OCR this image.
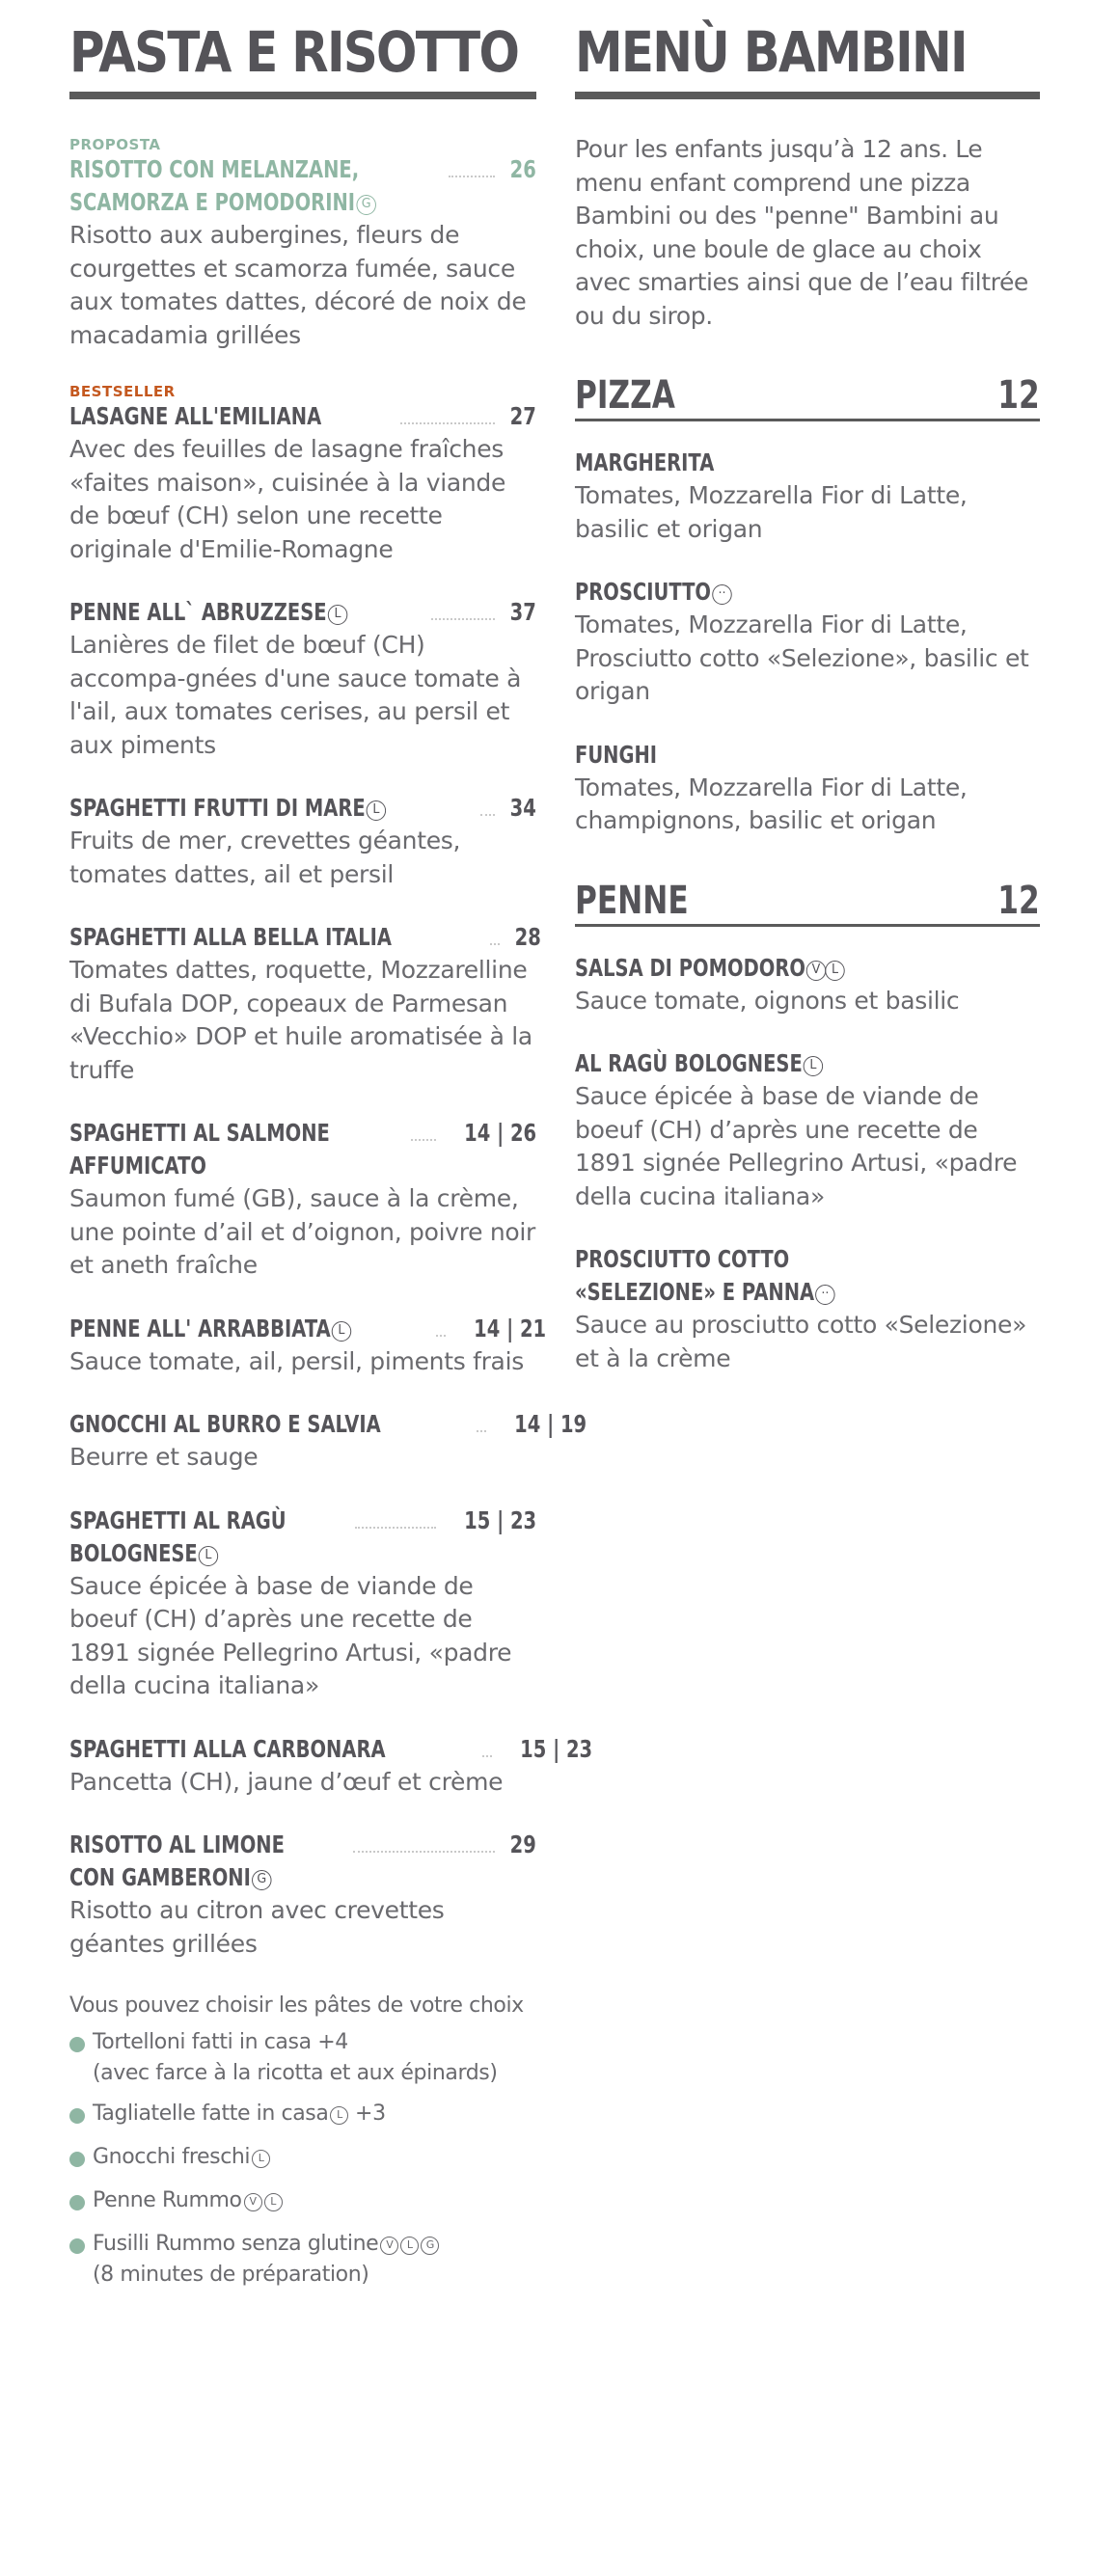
PASTA E RISOTTO
PROPOSTA
RISOTTO CON MELANZANE,	26
SCAMORZA E POMODORINI G
Risotto aux aubergines, fleurs de courgettes et scamorza fumée, sauce aux tomates dattes, décoré de noix de macadamia grillées
BESTSELLER
LASAGNE ALL'EMILIANA	27
Avec des feuilles de lasagne fraîches «faites maison», cuisinée à la viande de bœuf (CH) selon une recette originale d'Emilie-Romagne
PENNE ALL` ABRUZZESE L	37
Lanières de filet de bœuf (CH) accompa-gnées d'une sauce tomate à l'ail, aux tomates cerises, au persil et aux piments
SPAGHETTI FRUTTI DI MARE L	34
Fruits de mer, crevettes géantes, tomates dattes, ail et persil
SPAGHETTI ALLA BELLA ITALIA	28
Tomates dattes, roquette, Mozzarelline di Bufala DOP, copeaux de Parmesan «Vecchio» DOP et huile aromatisée à la truffe
SPAGHETTI AL SALMONE	14 | 26
AFFUMICATO
Saumon fumé (GB), sauce à la crème, une pointe d’ail et d’oignon, poivre noir et aneth fraîche
PENNE ALL' ARRABBIATA L	14 | 21
Sauce tomate, ail, persil, piments frais
GNOCCHI AL BURRO E SALVIA	14 | 19
Beurre et sauge
SPAGHETTI AL RAGÙ	15 | 23
BOLOGNESE L
Sauce épicée à base de viande de boeuf (CH) d’après une recette de 1891 signée Pellegrino Artusi, «padre della cucina italiana»
SPAGHETTI ALLA CARBONARA	15 | 23
Pancetta (CH), jaune d’œuf et crème
RISOTTO AL LIMONE	29
CON GAMBERONI G
Risotto au citron avec crevettes géantes grillées
Vous pouvez choisir les pâtes de votre choix
Tortelloni fatti in casa +4
(avec farce à la ricotta et aux épinards)
Tagliatelle fatte in casa L +3
Gnocchi freschi L
Penne Rummo V L
Fusilli Rummo senza glutine V L G
(8 minutes de préparation)
MENÙ BAMBINI
Pour les enfants jusqu’à 12 ans. Le menu enfant comprend une pizza Bambini ou des "penne" Bambini au choix, une boule de glace au choix avec smarties ainsi que de l’eau filtrée ou du sirop.
PIZZA	12
MARGHERITA
Tomates, Mozzarella Fior di Latte, basilic et origan
PROSCIUTTO ··
Tomates, Mozzarella Fior di Latte, Prosciutto cotto «Selezione», basilic et origan
FUNGHI
Tomates, Mozzarella Fior di Latte, champignons, basilic et origan
PENNE	12
SALSA DI POMODORO V L
Sauce tomate, oignons et basilic
AL RAGÙ BOLOGNESE L
Sauce épicée à base de viande de boeuf (CH) d’après une recette de 1891 signée Pellegrino Artusi, «padre della cucina italiana»
PROSCIUTTO COTTO
«SELEZIONE» E PANNA ··
Sauce au prosciutto cotto «Selezione» et à la crème
